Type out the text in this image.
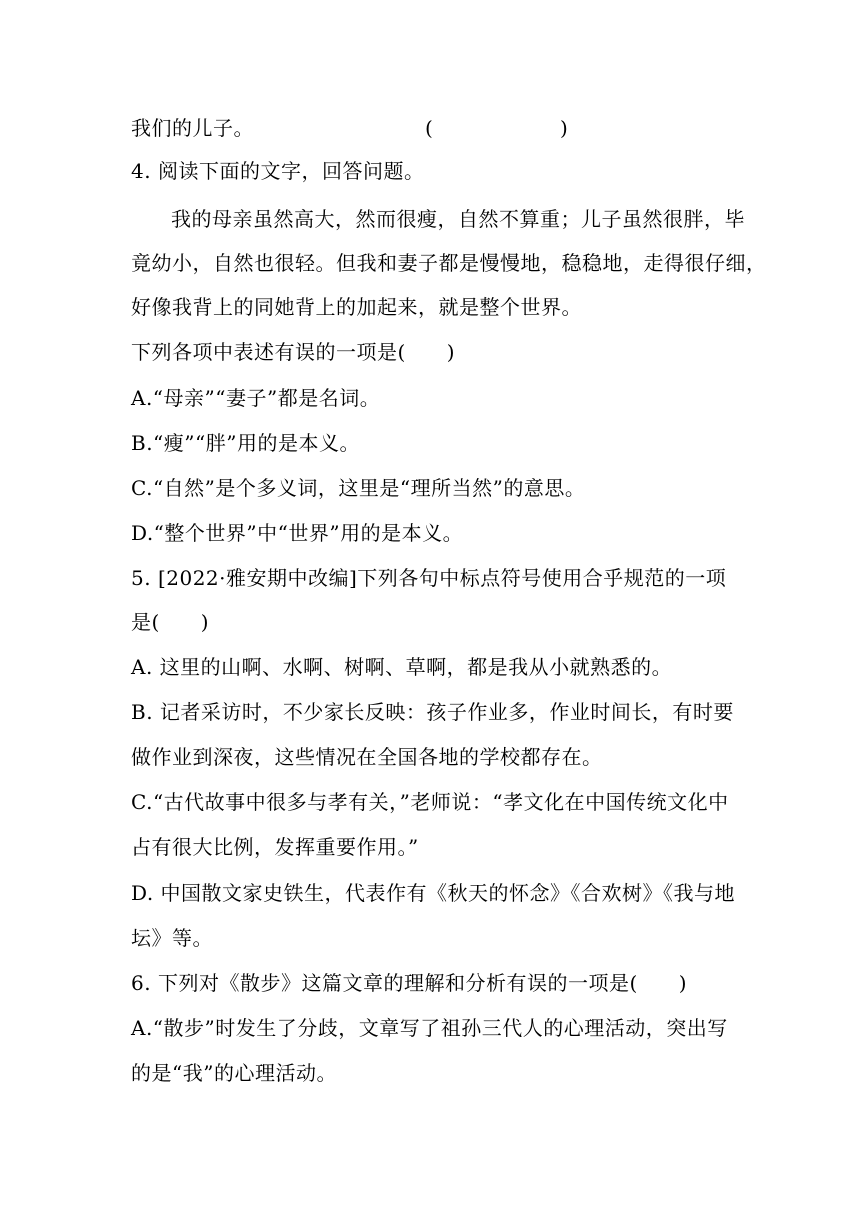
我们的儿子。	(                    )
4. 阅读下面的文字，回答问题。
我的母亲虽然高大，然而很瘦，自然不算重；儿子虽然很胖，毕
竟幼小，自然也很轻。但我和妻子都是慢慢地，稳稳地，走得很仔细，
好像我背上的同她背上的加起来，就是整个世界。
下列各项中表述有误的一项是(　　)
A.“母亲”“妻子”都是名词。
B.“瘦”“胖”用的是本义。
C.“自然”是个多义词，这里是“理所当然”的意思。
D.“整个世界”中“世界”用的是本义。
5. [2022·雅安期中改编]下列各句中标点符号使用合乎规范的一项
是(　　)
A. 这里的山啊、水啊、树啊、草啊，都是我从小就熟悉的。
B. 记者采访时，不少家长反映：孩子作业多，作业时间长，有时要
做作业到深夜，这些情况在全国各地的学校都存在。
C.“古代故事中很多与孝有关，”老师说：“孝文化在中国传统文化中
占有很大比例，发挥重要作用。”
D. 中国散文家史铁生，代表作有《秋天的怀念》《合欢树》《我与地
坛》等。
6. 下列对《散步》这篇文章的理解和分析有误的一项是(　　)
A.“散步”时发生了分歧，文章写了祖孙三代人的心理活动，突出写
的是“我”的心理活动。
